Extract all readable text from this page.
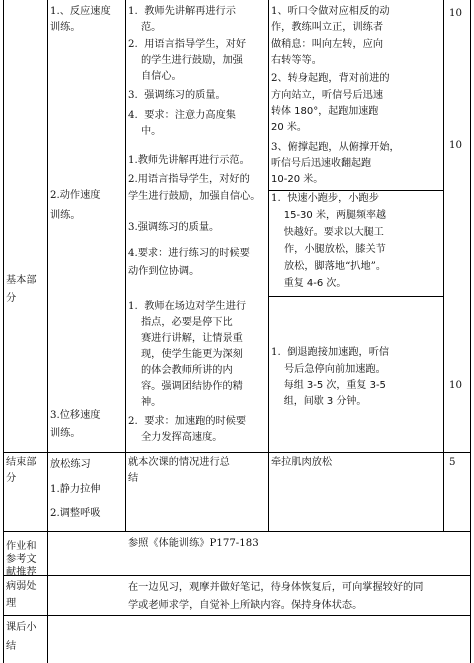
基本部分
1.、反应速度
训练。
2.动作速度
训练。
3.位移速度
训练。
1.  教师先讲解再进行示
范。
2.  用语言指导学生，对好
的学生进行鼓励，加强
自信心。
3.  强调练习的质量。
4.  要求：注意力高度集
中。
1.教师先讲解再进行示范。
2.用语言指导学生，对好的
学生进行鼓励，加强自信心。
3.强调练习的质量。
4.要求：进行练习的时候要
动作到位协调。
1.  教师在场边对学生进行
指点，必要是停下比
赛进行讲解，让情景重
现，使学生能更为深刻
的体会教师所讲的内
容。强调团结协作的精
神。
2.  要求：加速跑的时候要
全力发挥高速度。
1、听口令做对应相反的动
作，教练叫立正，训练者
做稍息：叫向左转，应向
右转等等。
2、转身起跑，背对前进的
方向站立，听信号后迅速
转体 180°，起跑加速跑
20 米。
3、俯撑起跑，从俯撑开始，
听信号后迅速收翻起跑
10-20 米。
1.  快速小跑步，小跑步
15-30 米，两腿频率越
快越好。要求以大腿工
作，小腿放松，膝关节
放松，脚落地“扒地”。
重复 4-6 次。
1.  倒退跑接加速跑，听信
号后急停向前加速跑。
每组 3-5 次，重复 3-5
组，间歇 3 分钟。
10
10
10
结束部
分
放松练习
1.静力拉伸
2.调整呼吸
就本次课的情况进行总
结
牵拉肌肉放松	5
作业和
参考文
献推荐
参照《体能训练》P177-183
病弱处
理
在一边见习，观摩并做好笔记，待身体恢复后，可向掌握较好的同
学或老师求学，自觉补上所缺内容。保持身体状态。
课后小
结
